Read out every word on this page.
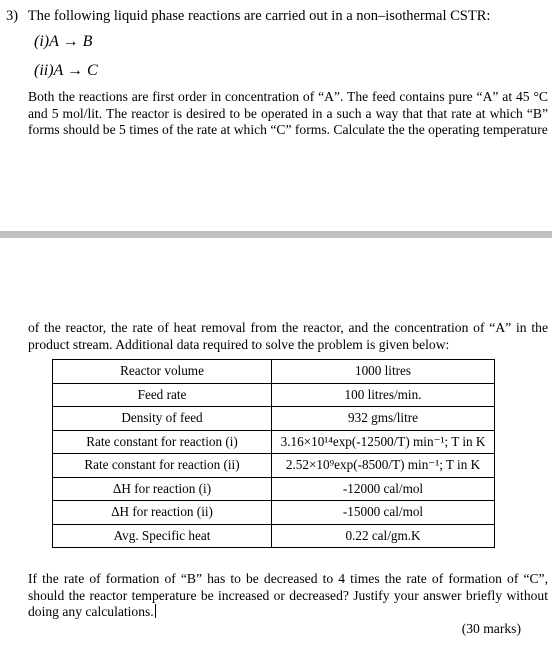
3) The following liquid phase reactions are carried out in a non–isothermal CSTR:
(i)A → B
(ii)A → C
Both the reactions are first order in concentration of “A”. The feed contains pure “A” at 45 °C and 5 mol/lit. The reactor is desired to be operated in a such a way that that rate at which “B” forms should be 5 times of the rate at which “C” forms. Calculate the the operating temperature
of the reactor, the rate of heat removal from the reactor, and the concentration of “A” in the product stream. Additional data required to solve the problem is given below:
Reactor volume	1000 litres
Feed rate	100 litres/min.
Density of feed	932 gms/litre
Rate constant for reaction (i)	3.16×10¹⁴exp(-12500/T) min⁻¹; T in K
Rate constant for reaction (ii)	2.52×10⁹exp(-8500/T) min⁻¹; T in K
ΔH for reaction (i)	-12000 cal/mol
ΔH for reaction (ii)	-15000 cal/mol
Avg. Specific heat	0.22 cal/gm.K
If the rate of formation of “B” has to be decreased to 4 times the rate of formation of “C”, should the reactor temperature be increased or decreased? Justify your answer briefly without doing any calculations.
(30 marks)
